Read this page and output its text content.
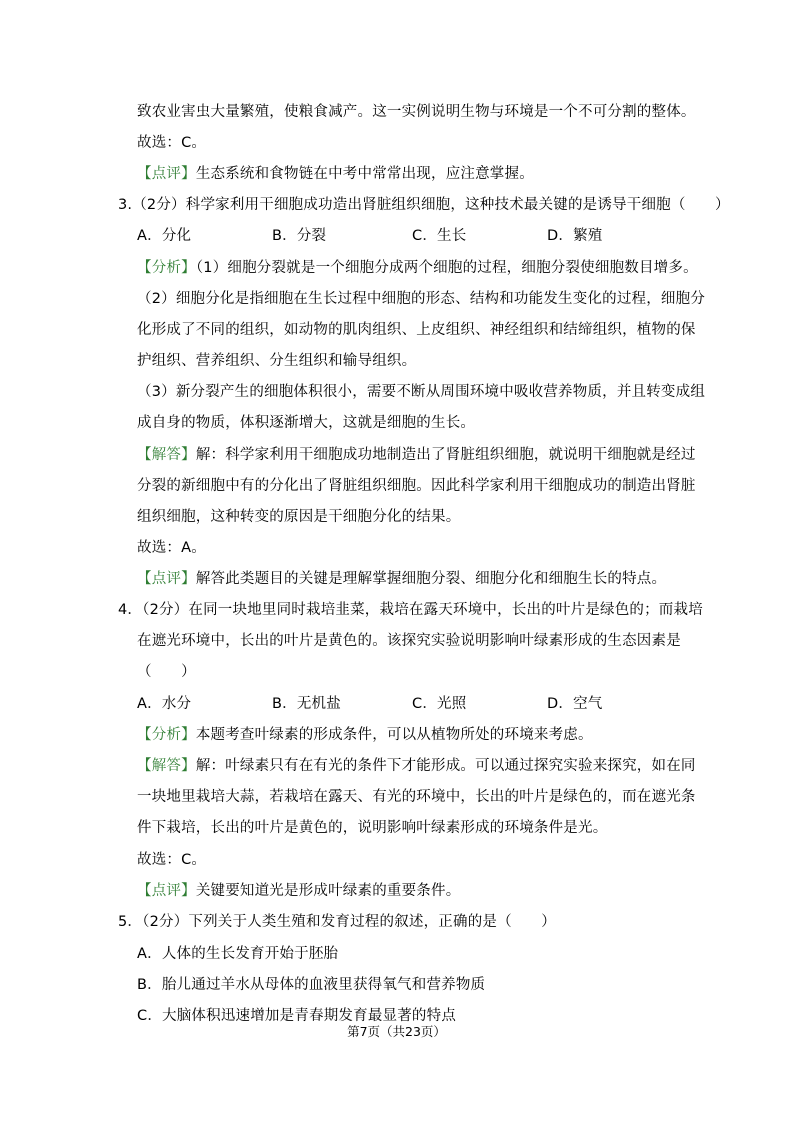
致农业害虫大量繁殖，使粮食减产。这一实例说明生物与环境是一个不可分割的整体。
故选：C。
【点评】生态系统和食物链在中考中常常出现，应注意掌握。
3.（2分）科学家利用干细胞成功造出肾脏组织细胞，这种技术最关键的是诱导干细胞（　　）
A．分化	B．分裂	C．生长	D．繁殖
【分析】（1）细胞分裂就是一个细胞分成两个细胞的过程，细胞分裂使细胞数目增多。
（2）细胞分化是指细胞在生长过程中细胞的形态、结构和功能发生变化的过程，细胞分
化形成了不同的组织，如动物的肌肉组织、上皮组织、神经组织和结缔组织，植物的保
护组织、营养组织、分生组织和输导组织。
（3）新分裂产生的细胞体积很小，需要不断从周围环境中吸收营养物质，并且转变成组
成自身的物质，体积逐渐增大，这就是细胞的生长。
【解答】解：科学家利用干细胞成功地制造出了肾脏组织细胞，就说明干细胞就是经过
分裂的新细胞中有的分化出了肾脏组织细胞。因此科学家利用干细胞成功的制造出肾脏
组织细胞，这种转变的原因是干细胞分化的结果。
故选：A。
【点评】解答此类题目的关键是理解掌握细胞分裂、细胞分化和细胞生长的特点。
4．（2分）在同一块地里同时栽培韭菜，栽培在露天环境中，长出的叶片是绿色的；而栽培
在遮光环境中，长出的叶片是黄色的。该探究实验说明影响叶绿素形成的生态因素是
（　　）
A．水分	B．无机盐	C．光照	D．空气
【分析】本题考查叶绿素的形成条件，可以从植物所处的环境来考虑。
【解答】解：叶绿素只有在有光的条件下才能形成。可以通过探究实验来探究，如在同
一块地里栽培大蒜，若栽培在露天、有光的环境中，长出的叶片是绿色的，而在遮光条
件下栽培，长出的叶片是黄色的，说明影响叶绿素形成的环境条件是光。
故选：C。
【点评】关键要知道光是形成叶绿素的重要条件。
5．（2分）下列关于人类生殖和发育过程的叙述，正确的是（　　）
A．人体的生长发育开始于胚胎
B．胎儿通过羊水从母体的血液里获得氧气和营养物质
C．大脑体积迅速增加是青春期发育最显著的特点
第7页（共23页）
